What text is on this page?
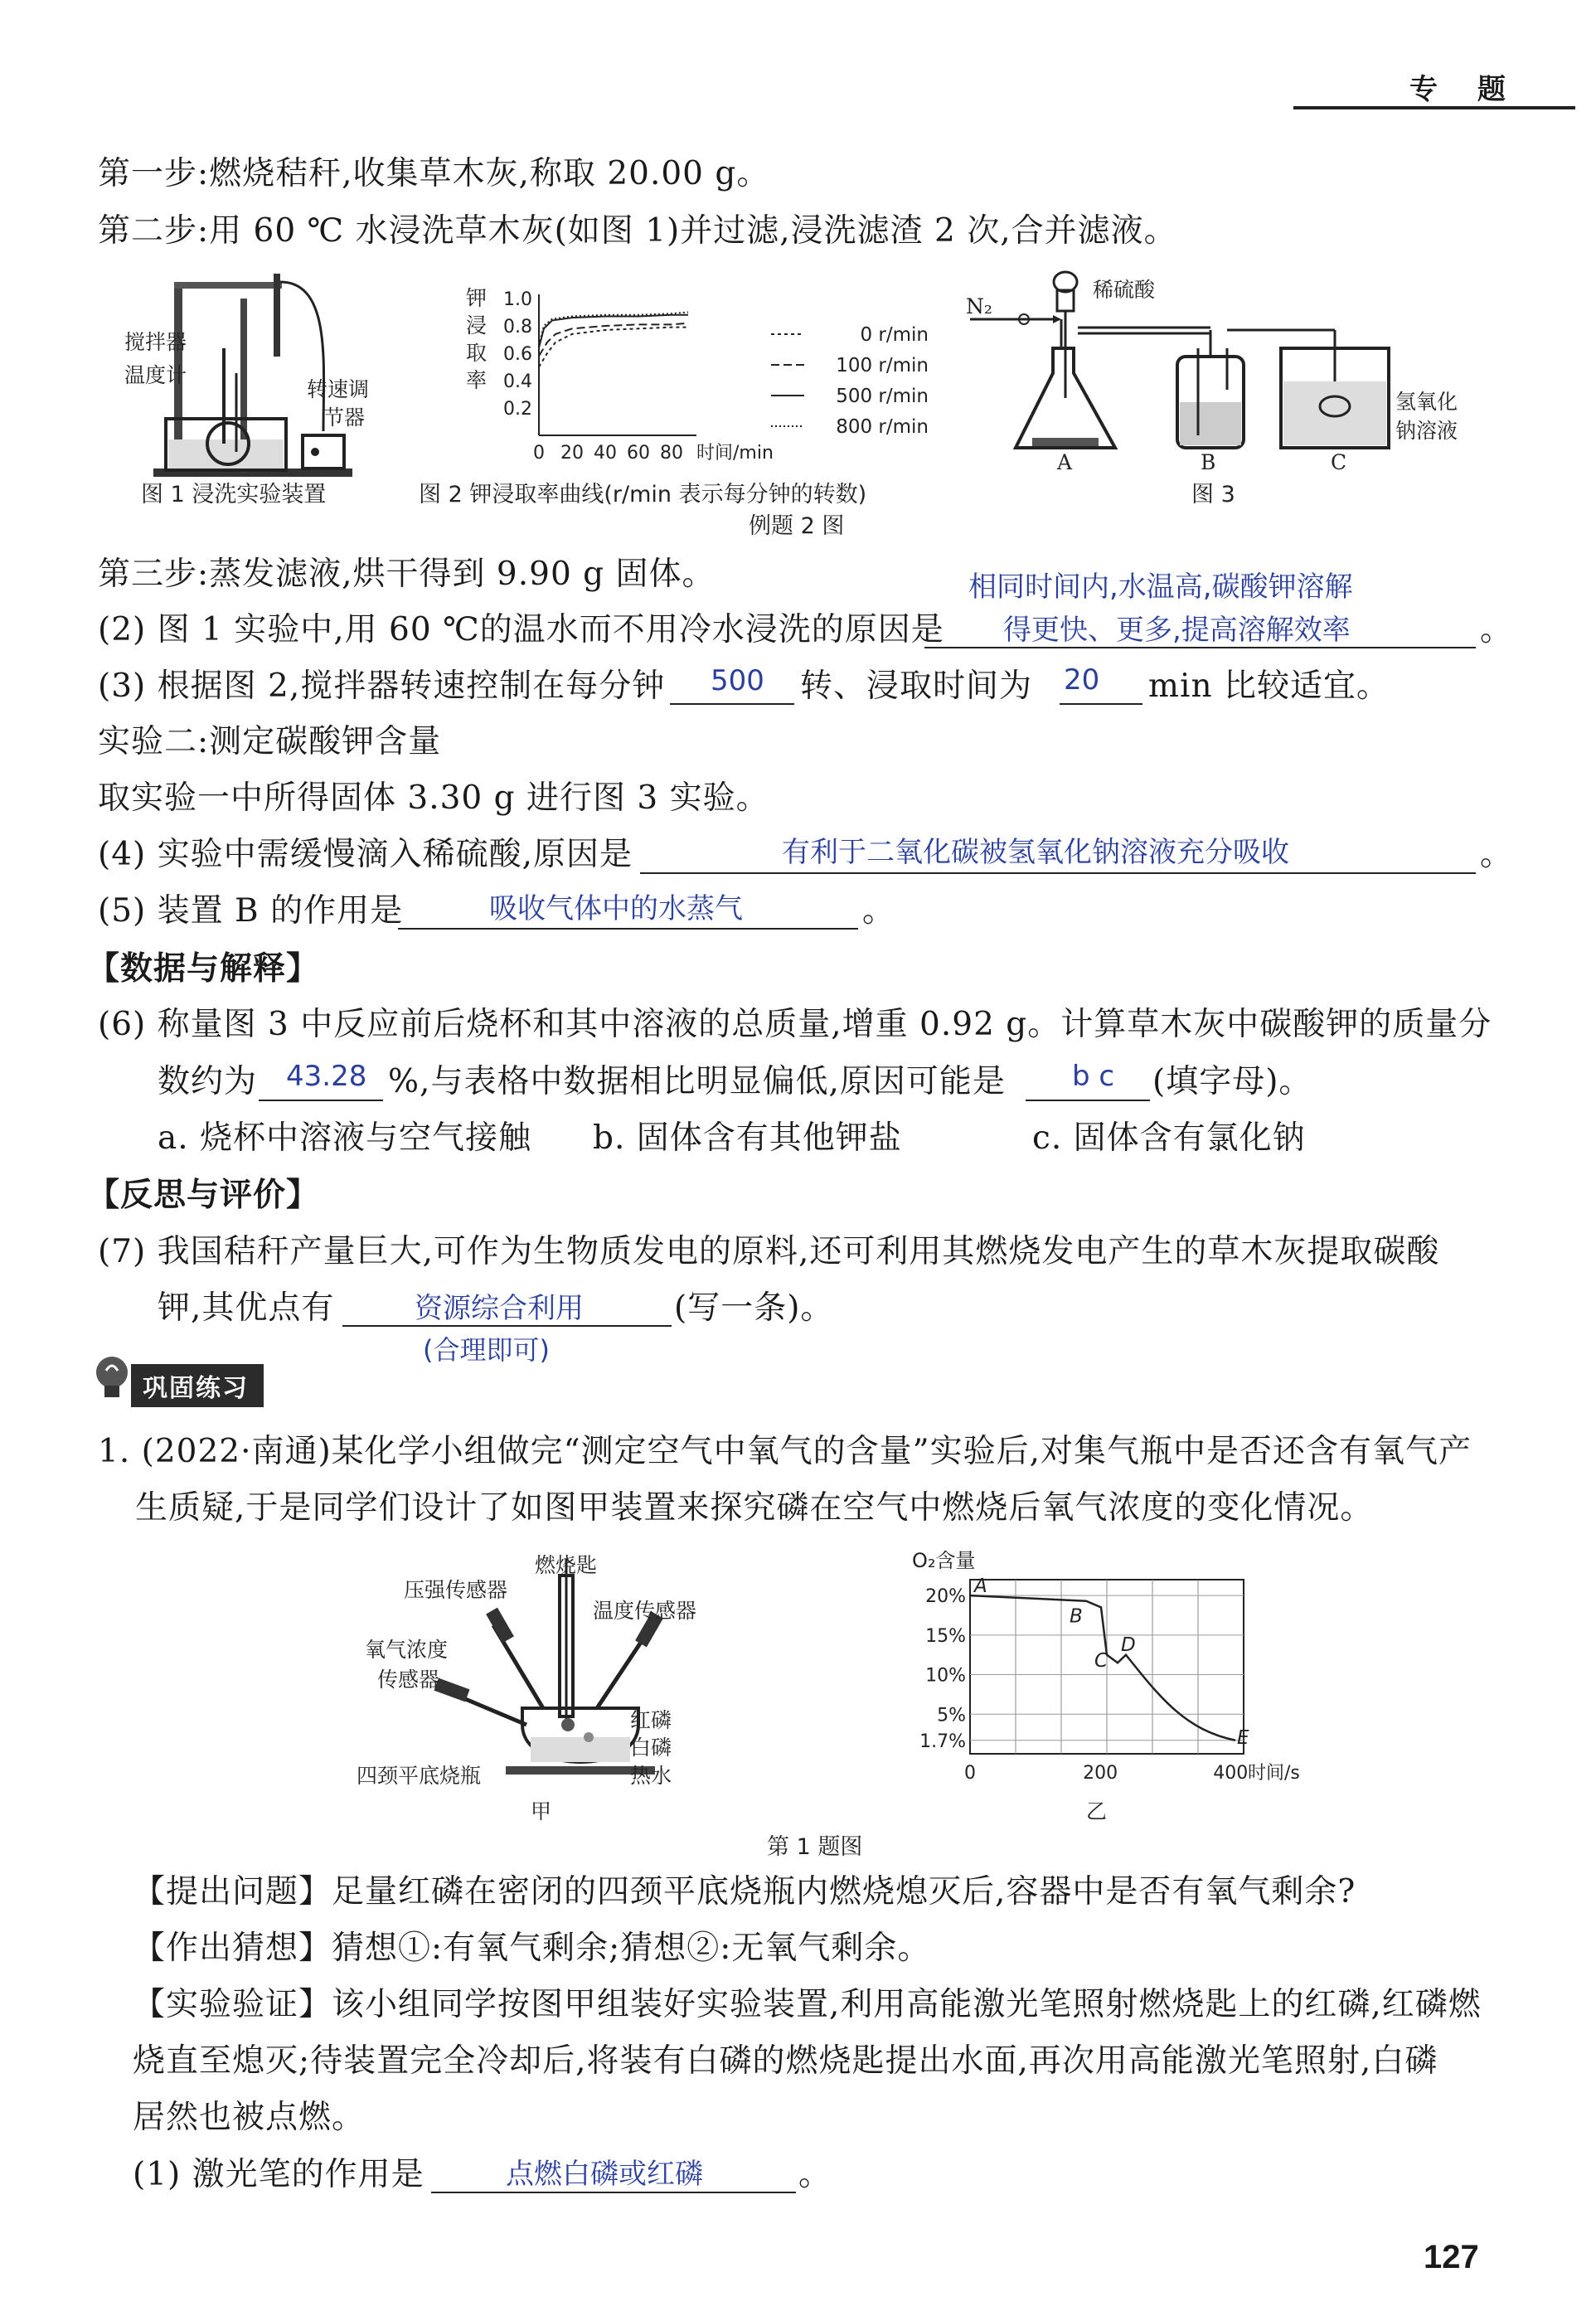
专 题
第一步:燃烧秸秆,收集草木灰,称取 20.00 g。
第二步:用 60 ℃ 水浸洗草木灰(如图 1)并过滤,浸洗滤渣 2 次,合并滤液。
搅拌器
温度计
转速调
节器
图 1 浸洗实验装置
1.0
0.8
0.6
0.4
0.2
0 20 40 60 80 时间/min
0 r/min
100 r/min
500 r/min
800 r/min
钾
浸
取
率
图 2 钾浸取率曲线(r/min 表示每分钟的转数)
N₂
稀硫酸
氢氧化
钠溶液
A	B	C
图 3
例题 2 图
第三步:蒸发滤液,烘干得到 9.90 g 固体。	相同时间内,水温高,碳酸钾溶解
(2) 图 1 实验中,用 60 ℃的温水而不用冷水浸洗的原因是 得更快、更多,提高溶解效率	。
(3) 根据图 2,搅拌器转速控制在每分钟 500 转、浸取时间为 20 min 比较适宜。
实验二:测定碳酸钾含量
取实验一中所得固体 3.30 g 进行图 3 实验。
(4) 实验中需缓慢滴入稀硫酸,原因是	有利于二氧化碳被氢氧化钠溶液充分吸收	。
(5) 装置 B 的作用是	吸收气体中的水蒸气	。
【数据与解释】
(6) 称量图 3 中反应前后烧杯和其中溶液的总质量,增重 0.92 g。计算草木灰中碳酸钾的质量分
数约为 43.28 %,与表格中数据相比明显偏低,原因可能是 b c (填字母)。
a. 烧杯中溶液与空气接触 b. 固体含有其他钾盐	c. 固体含有氯化钠
【反思与评价】
(7) 我国秸秆产量巨大,可作为生物质发电的原料,还可利用其燃烧发电产生的草木灰提取碳酸
钾,其优点有	资源综合利用	(写一条)。
(合理即可)
巩固练习
1. (2022·南通)某化学小组做完“测定空气中氧气的含量”实验后,对集气瓶中是否还含有氧气产
生质疑,于是同学们设计了如图甲装置来探究磷在空气中燃烧后氧气浓度的变化情况。
燃烧匙
压强传感器
温度传感器
氧气浓度
传感器
红磷
白磷
热水
四颈平底烧瓶
甲
20%
15%
10%
5%
1.7%
0	200	400 时间/s
O₂含量
A
B
C
D
E
乙
第 1 题图
【提出问题】足量红磷在密闭的四颈平底烧瓶内燃烧熄灭后,容器中是否有氧气剩余?
【作出猜想】猜想①:有氧气剩余;猜想②:无氧气剩余。
【实验验证】该小组同学按图甲组装好实验装置,利用高能激光笔照射燃烧匙上的红磷,红磷燃
烧直至熄灭;待装置完全冷却后,将装有白磷的燃烧匙提出水面,再次用高能激光笔照射,白磷
居然也被点燃。
(1) 激光笔的作用是	点燃白磷或红磷	。
127
